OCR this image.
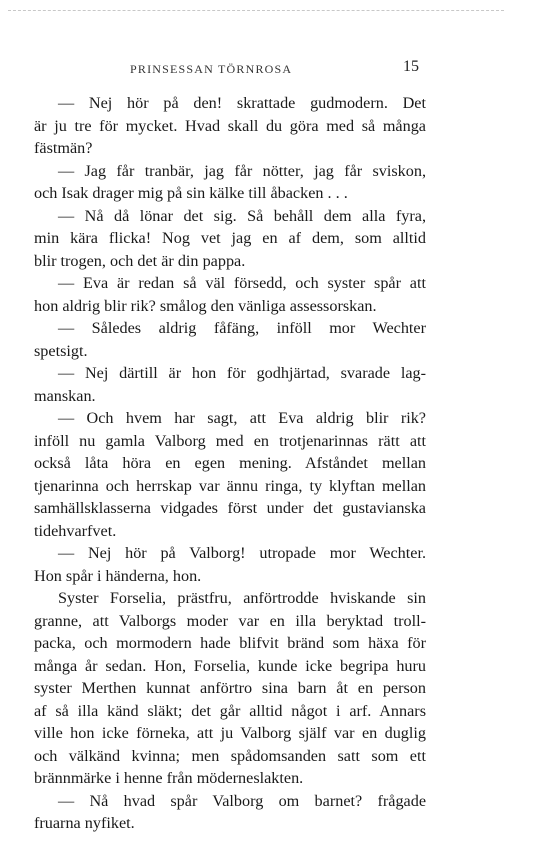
PRINSESSAN TÖRNROSA	15
— Nej hör på den! skrattade gudmodern. Det
är ju tre för mycket. Hvad skall du göra med så många
fästmän?
— Jag får tranbär, jag får nötter, jag får sviskon,
och Isak drager mig på sin kälke till åbacken . . .
— Nå då lönar det sig. Så behåll dem alla fyra,
min kära flicka! Nog vet jag en af dem, som alltid
blir trogen, och det är din pappa.
— Eva är redan så väl försedd, och syster spår att
hon aldrig blir rik? smålog den vänliga assessorskan.
— Således aldrig fåfäng, inföll mor Wechter
spetsigt.
— Nej därtill är hon för godhjärtad, svarade lag-
manskan.
— Och hvem har sagt, att Eva aldrig blir rik?
inföll nu gamla Valborg med en trotjenarinnas rätt att
också låta höra en egen mening. Afståndet mellan
tjenarinna och herrskap var ännu ringa, ty klyftan mellan
samhällsklasserna vidgades först under det gustavianska
tidehvarfvet.
— Nej hör på Valborg! utropade mor Wechter.
Hon spår i händerna, hon.
Syster Forselia, prästfru, anförtrodde hviskande sin
granne, att Valborgs moder var en illa beryktad troll-
packa, och mormodern hade blifvit bränd som häxa för
många år sedan. Hon, Forselia, kunde icke begripa huru
syster Merthen kunnat anförtro sina barn åt en person
af så illa känd släkt; det går alltid något i arf. Annars
ville hon icke förneka, att ju Valborg själf var en duglig
och välkänd kvinna; men spådomsanden satt som ett
brännmärke i henne från möderneslakten.
— Nå hvad spår Valborg om barnet? frågade
fruarna nyfiket.
